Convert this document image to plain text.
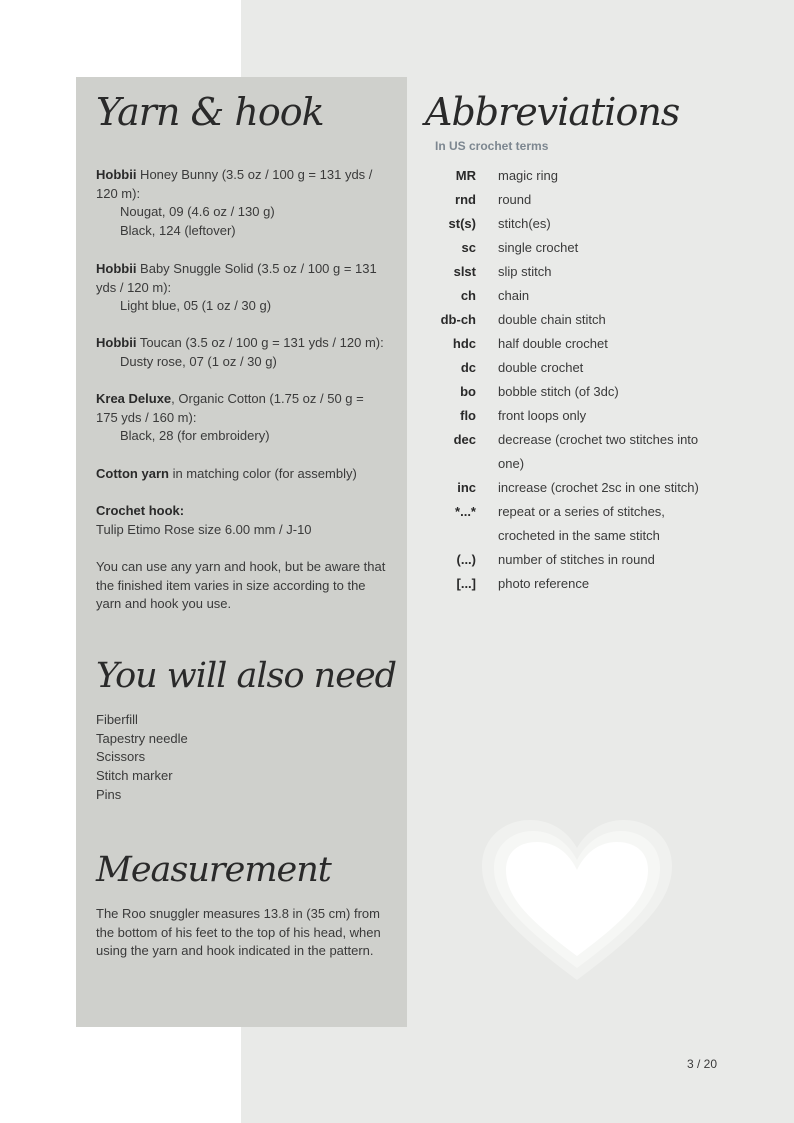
Yarn & hook
Hobbii Honey Bunny (3.5 oz / 100 g = 131 yds / 120 m):
Nougat, 09 (4.6 oz / 130 g)
Black, 124 (leftover)
Hobbii Baby Snuggle Solid (3.5 oz / 100 g = 131 yds / 120 m):
Light blue, 05 (1 oz / 30 g)
Hobbii Toucan (3.5 oz / 100 g = 131 yds / 120 m):
Dusty rose, 07 (1 oz / 30 g)
Krea Deluxe, Organic Cotton (1.75 oz / 50 g = 175 yds / 160 m):
Black, 28 (for embroidery)
Cotton yarn in matching color (for assembly)
Crochet hook:
Tulip Etimo Rose size 6.00 mm / J-10
You can use any yarn and hook, but be aware that the finished item varies in size according to the yarn and hook you use.
Abbreviations
In US crochet terms
MR magic ring
rnd round
st(s) stitch(es)
sc single crochet
slst slip stitch
ch chain
db-ch double chain stitch
hdc half double crochet
dc double crochet
bo bobble stitch (of 3dc)
flo front loops only
dec decrease (crochet two stitches into one)
inc increase (crochet 2sc in one stitch)
*...* repeat or a series of stitches, crocheted in the same stitch
(...) number of stitches in round
[...] photo reference
You will also need
Fiberfill
Tapestry needle
Scissors
Stitch marker
Pins
Measurement
The Roo snuggler measures 13.8 in (35 cm) from the bottom of his feet to the top of his head, when using the yarn and hook indicated in the pattern.
3 / 20
